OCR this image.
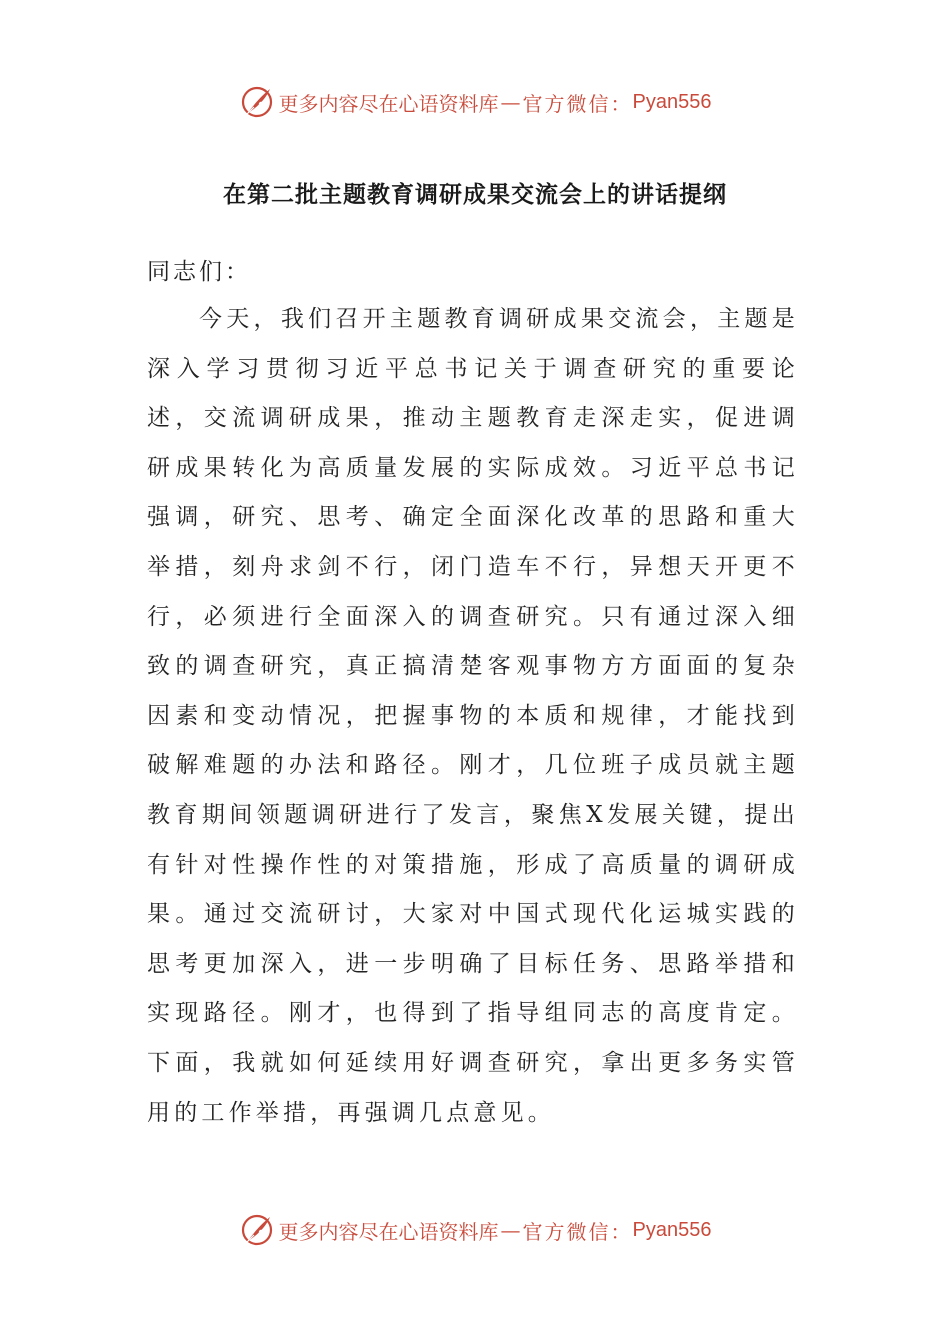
更多内容尽在心语资料库 — 官方微信： Pyan556
在第二批主题教育调研成果交流会上的讲话提纲
同志们：
今天，我们召开主题教育调研成果交流会，主题是深入学习贯彻习近平总书记关于调查研究的重要论述，交流调研成果，推动主题教育走深走实，促进调研成果转化为高质量发展的实际成效。习近平总书记强调，研究、思考、确定全面深化改革的思路和重大举措，刻舟求剑不行，闭门造车不行，异想天开更不行，必须进行全面深入的调查研究。只有通过深入细致的调查研究，真正搞清楚客观事物方方面面的复杂因素和变动情况，把握事物的本质和规律，才能找到破解难题的办法和路径。刚才，几位班子成员就主题教育期间领题调研进行了发言，聚焦X发展关键，提出有针对性操作性的对策措施，形成了高质量的调研成果。通过交流研讨，大家对中国式现代化运城实践的思考更加深入，进一步明确了目标任务、思路举措和实现路径。刚才，也得到了指导组同志的高度肯定。下面，我就如何延续用好调查研究，拿出更多务实管用的工作举措，再强调几点意见。
更多内容尽在心语资料库 — 官方微信： Pyan556
